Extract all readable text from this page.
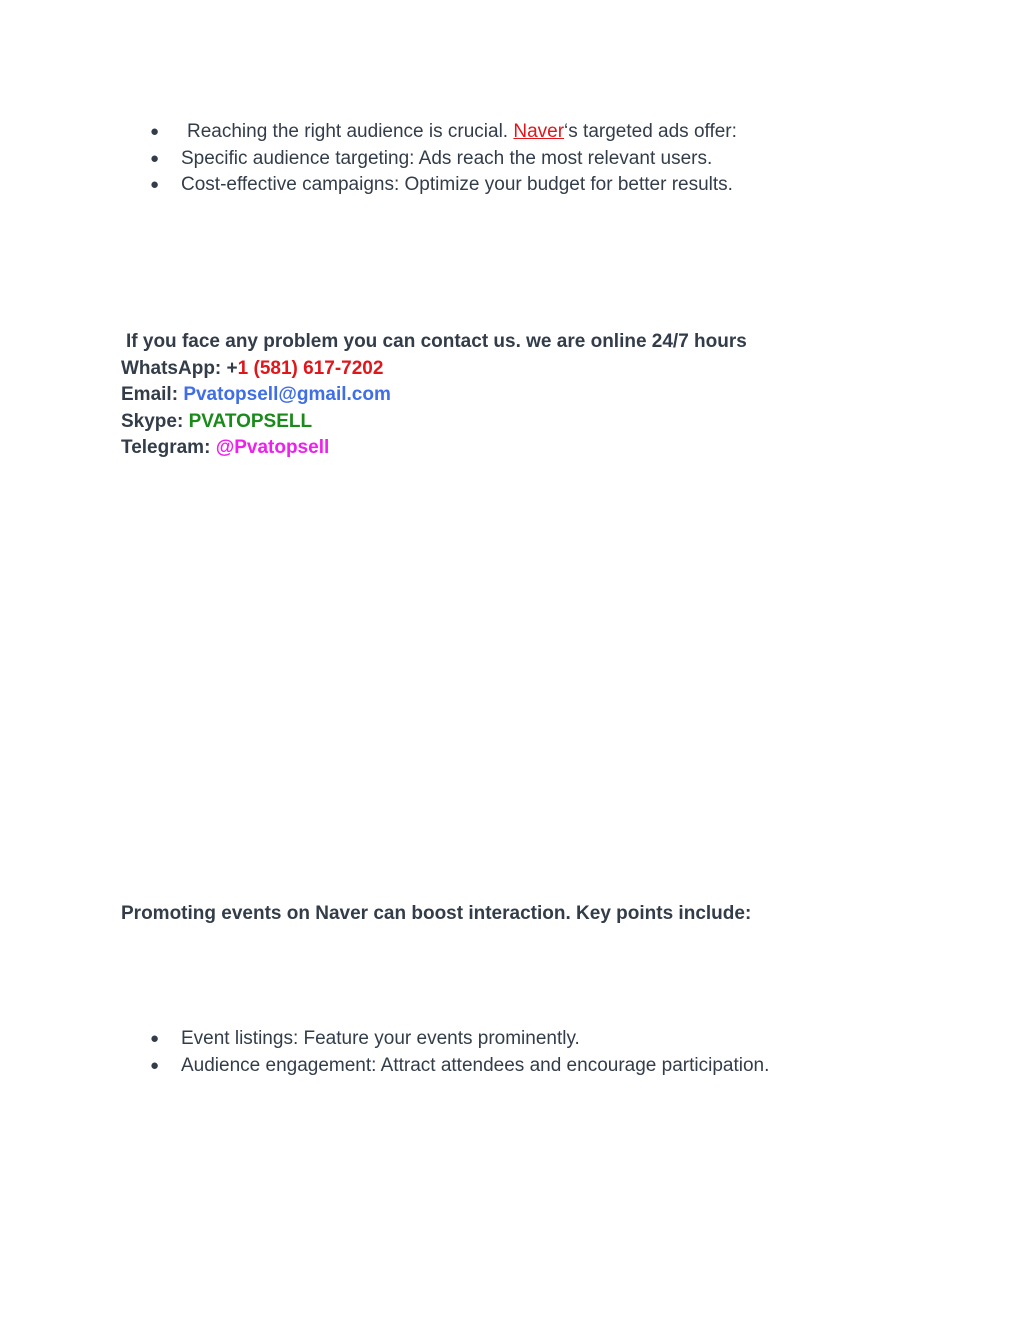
● Reaching the right audience is crucial. Naver‘s targeted ads offer:
● Specific audience targeting: Ads reach the most relevant users.
● Cost-effective campaigns: Optimize your budget for better results.
If you face any problem you can contact us. we are online 24/7 hours
WhatsApp: +1 (581) 617-7202
Email: Pvatopsell@gmail.com
Skype: PVATOPSELL
Telegram: @Pvatopsell
Promoting events on Naver can boost interaction. Key points include:
● Event listings: Feature your events prominently.
● Audience engagement: Attract attendees and encourage participation.
